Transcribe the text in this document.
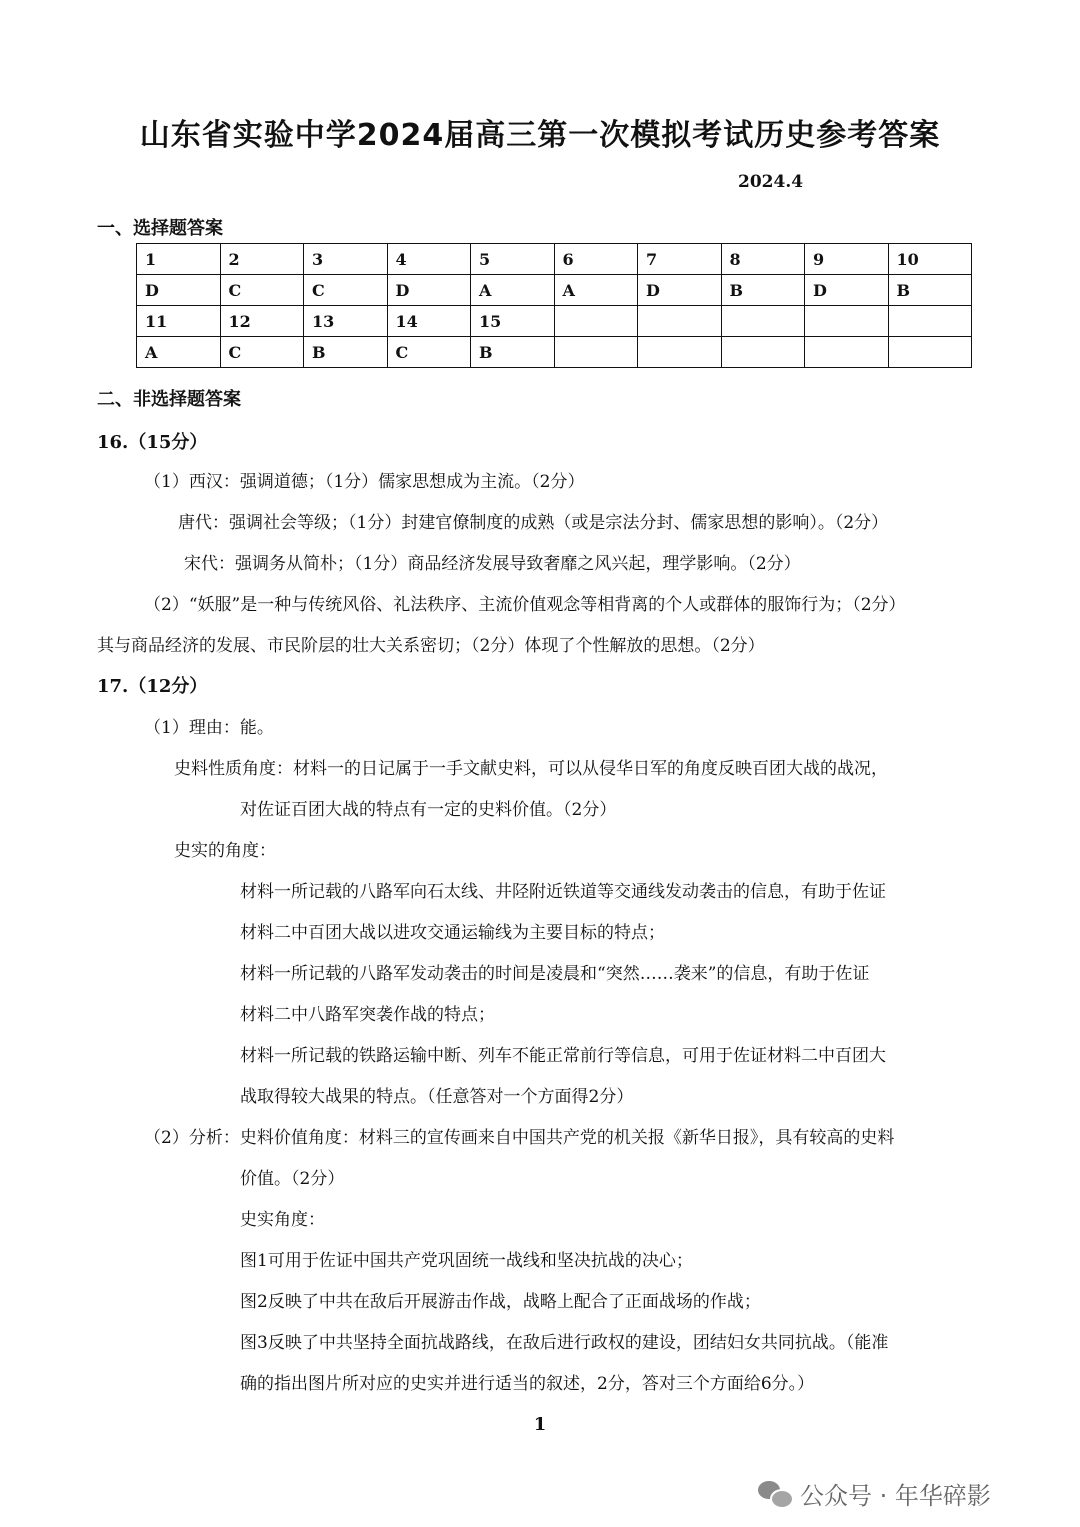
山东省实验中学2024届高三第一次模拟考试历史参考答案
2024.4
一、选择题答案
1	2	3	4	5	6	7	8	9	10
D	C	C	D	A	A	D	B	D	B
11	12	13	14	15					
A	C	B	C	B					
二、非选择题答案
16.（15分）
（1）西汉：强调道德；（1分）儒家思想成为主流。（2分）
唐代：强调社会等级；（1分）封建官僚制度的成熟（或是宗法分封、儒家思想的影响）。（2分）
宋代：强调务从简朴；（1分）商品经济发展导致奢靡之风兴起，理学影响。（2分）
（2）“妖服”是一种与传统风俗、礼法秩序、主流价值观念等相背离的个人或群体的服饰行为；（2分）
其与商品经济的发展、市民阶层的壮大关系密切；（2分）体现了个性解放的思想。（2分）
17.（12分）
（1）理由：能。
史料性质角度：材料一的日记属于一手文献史料，可以从侵华日军的角度反映百团大战的战况，
对佐证百团大战的特点有一定的史料价值。（2分）
史实的角度：
材料一所记载的八路军向石太线、井陉附近铁道等交通线发动袭击的信息，有助于佐证
材料二中百团大战以进攻交通运输线为主要目标的特点；
材料一所记载的八路军发动袭击的时间是凌晨和“突然……袭来”的信息，有助于佐证
材料二中八路军突袭作战的特点；
材料一所记载的铁路运输中断、列车不能正常前行等信息，可用于佐证材料二中百团大
战取得较大战果的特点。（任意答对一个方面得2分）
（2）分析：史料价值角度：材料三的宣传画来自中国共产党的机关报《新华日报》，具有较高的史料
价值。（2分）
史实角度：
图1可用于佐证中国共产党巩固统一战线和坚决抗战的决心；
图2反映了中共在敌后开展游击作战，战略上配合了正面战场的作战；
图3反映了中共坚持全面抗战路线，在敌后进行政权的建设，团结妇女共同抗战。（能准
确的指出图片所对应的史实并进行适当的叙述，2分，答对三个方面给6分。）
1
公众号 · 年华碎影
